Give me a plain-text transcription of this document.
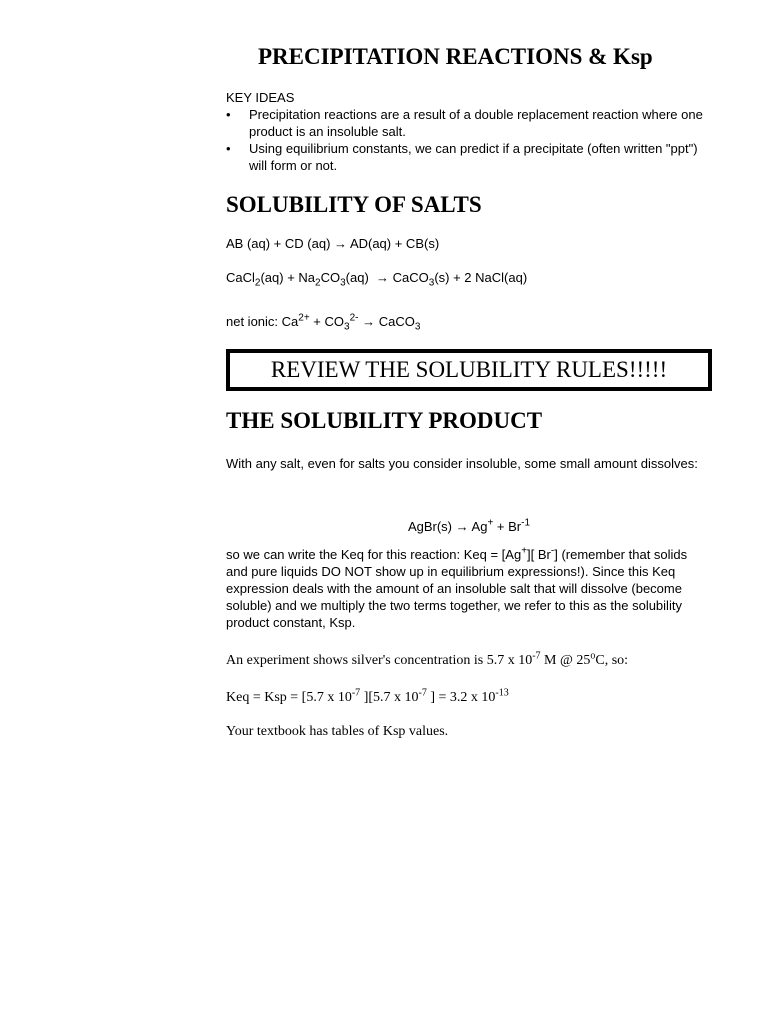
PRECIPITATION REACTIONS & Ksp

KEY IDEAS

• Precipitation reactions are a result of a double replacement reaction where one product is an insoluble salt.
• Using equilibrium constants, we can predict if a precipitate (often written "ppt") will form or not.
SOLUBILITY OF SALTS

AB (aq) + CD (aq) → AD(aq) + CB(s)

CaCl$_2$(aq) + $Na_2CO_3(aq)$ → CaCO$_3$(s) + 2 NaCl(aq)

net ionic: $Ca^{2+} + CO_3^{2-}$ → CaCO$_3$

REVIEW THE SOLUBILITY RULES!!!!!
THE SOLUBILITY PRODUCT

With any salt, even for salts you consider insoluble, some small amount dissolves:

AgBr(s) → $Ag^+ + Br^{-1}$

so we can write the Keq for this reaction: Keq = [Ag+][ Br-] (remember that solids and pure liquids DO NOT show up in equilibrium expressions!). Since this Keq expression deals with the amount of an insoluble salt that will dissolve (become soluble) and we multiply the two terms together, we refer to this as the solubility product constant, Ksp.

An experiment shows silver's concentration is 5.7 x $10^{-7}$ M @ 25$^o$C, so:

Keq = Ksp = [5.7 x $10^{-7}$ ][5.7 x $10^{-7}$ ] = 3.2 x $10^{-13}$

Your textbook has tables of Ksp values.
